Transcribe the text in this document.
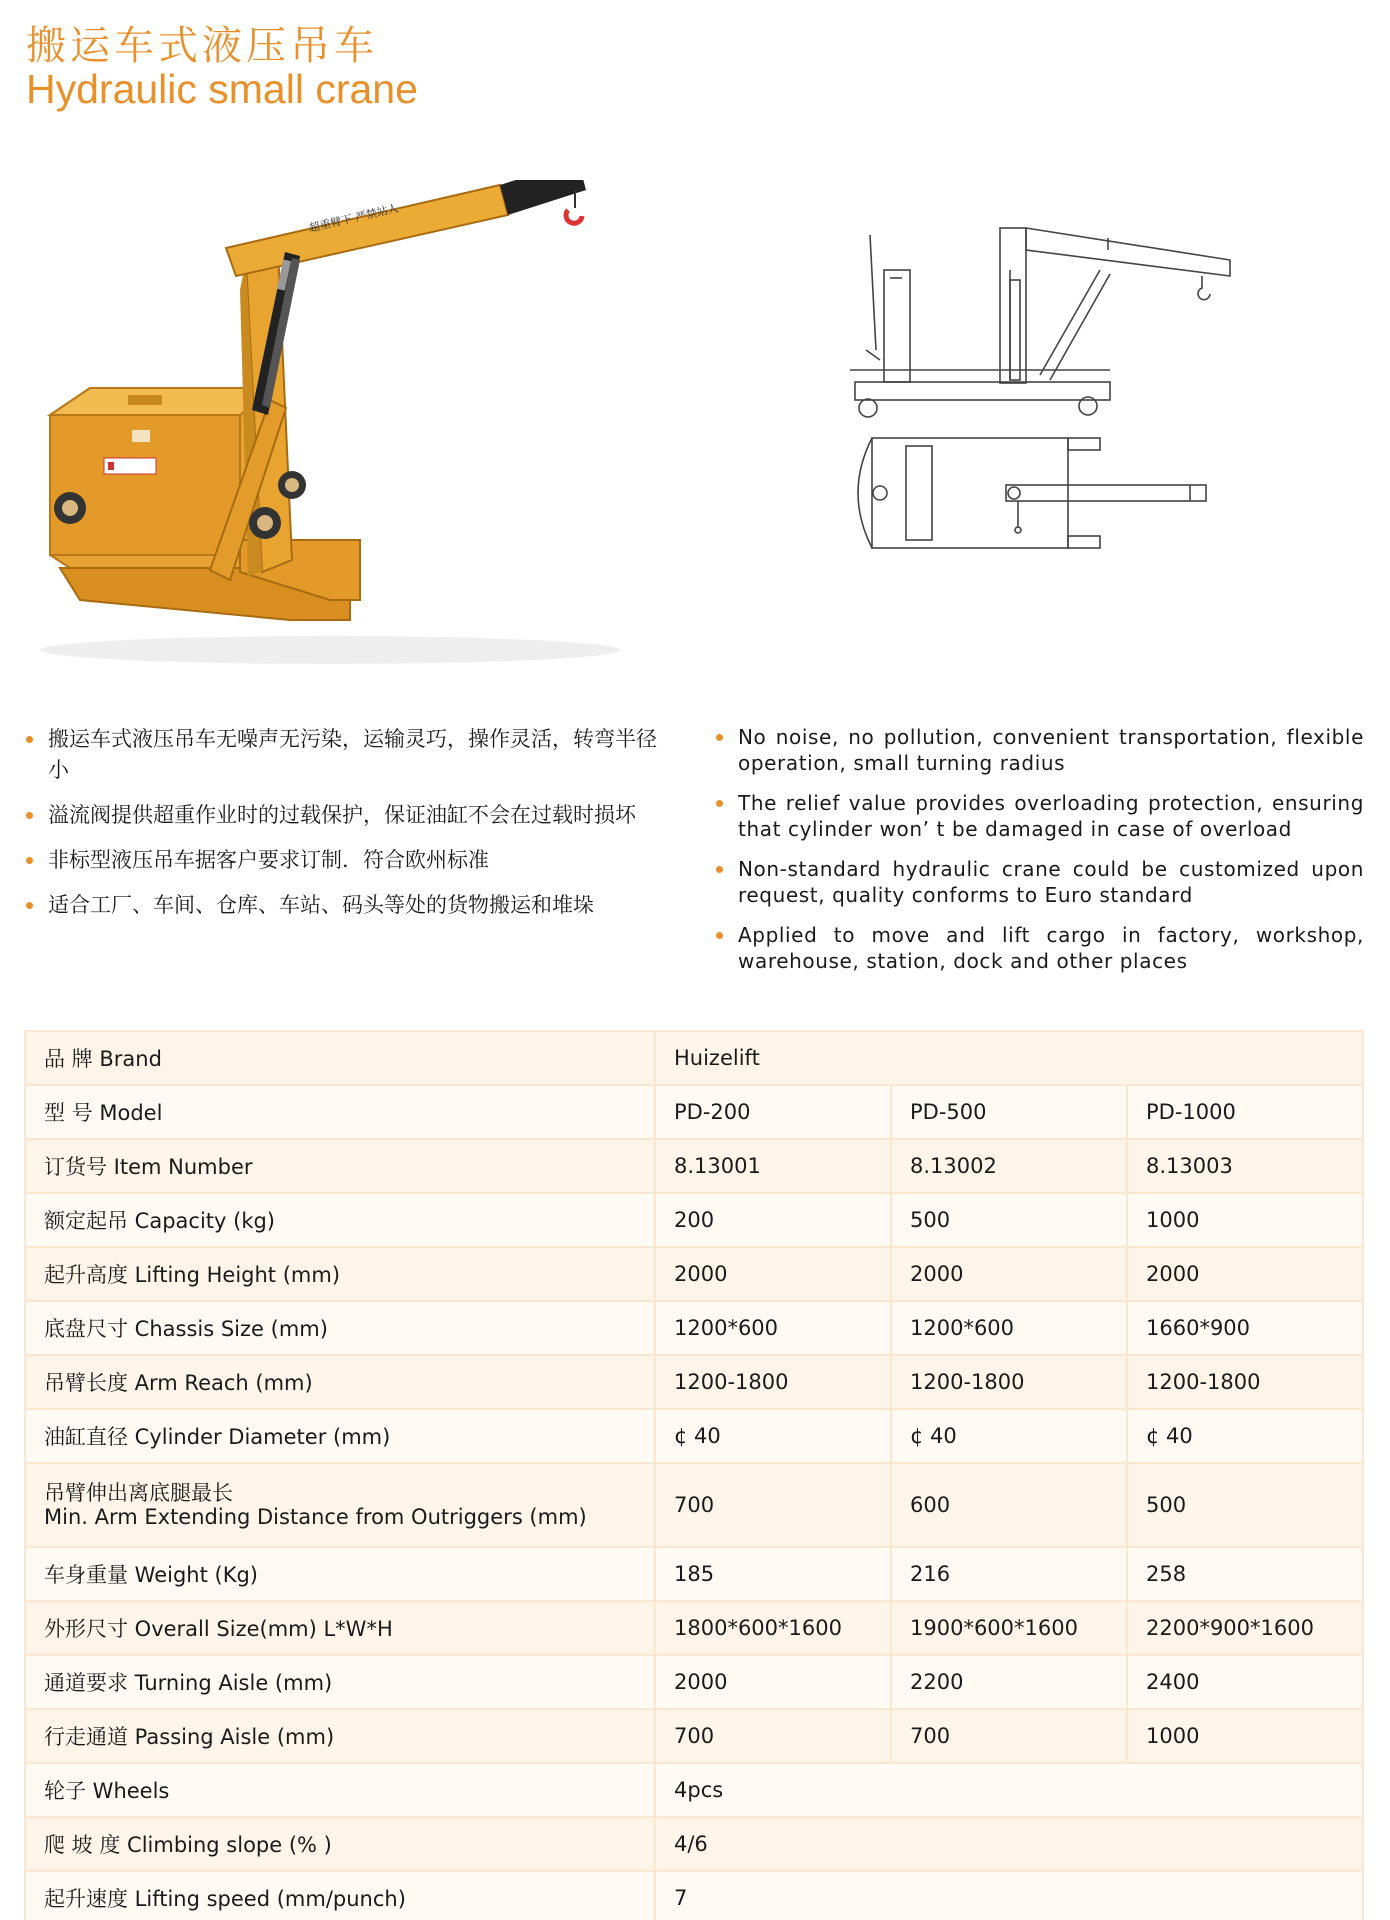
搬运车式液压吊车
Hydraulic small crane
超重臂下 严禁站人
搬运车式液压吊车无噪声无污染，运输灵巧，操作灵活，转弯半径小
溢流阀提供超重作业时的过载保护，保证油缸不会在过载时损坏
非标型液压吊车据客户要求订制．符合欧州标准
适合工厂、车间、仓库、车站、码头等处的货物搬运和堆垛
No noise, no pollution, convenient transportation, flexible operation, small turning radius
The relief value provides overloading protection, ensuring that cylinder won’ t be damaged in case of overload
Non-standard hydraulic crane could be customized upon request, quality conforms to Euro standard
Applied to move and lift cargo in factory, workshop, warehouse, station, dock and other places
品 牌 Brand	Huizelift		
型 号 Model	PD-200	PD-500	PD-1000
订货号 Item Number	8.13001	8.13002	8.13003
额定起吊 Capacity (kg)	200	500	1000
起升高度 Lifting Height (mm)	2000	2000	2000
底盘尺寸 Chassis Size (mm)	1200*600	1200*600	1660*900
吊臂长度 Arm Reach (mm)	1200-1800	1200-1800	1200-1800
油缸直径 Cylinder Diameter (mm)	¢ 40	¢ 40	¢ 40

吊臂伸出离底腿最长
Min. Arm Extending Distance from Outriggers (mm)	700	600	500
车身重量 Weight (Kg)	185	216	258
外形尺寸 Overall Size(mm) L*W*H	1800*600*1600	1900*600*1600	2200*900*1600
通道要求 Turning Aisle (mm)	2000	2200	2400
行走通道 Passing Aisle (mm)	700	700	1000
轮子 Wheels	4pcs		
爬 坡 度 Climbing slope (% )	4/6		
起升速度 Lifting speed (mm/punch)	7		
